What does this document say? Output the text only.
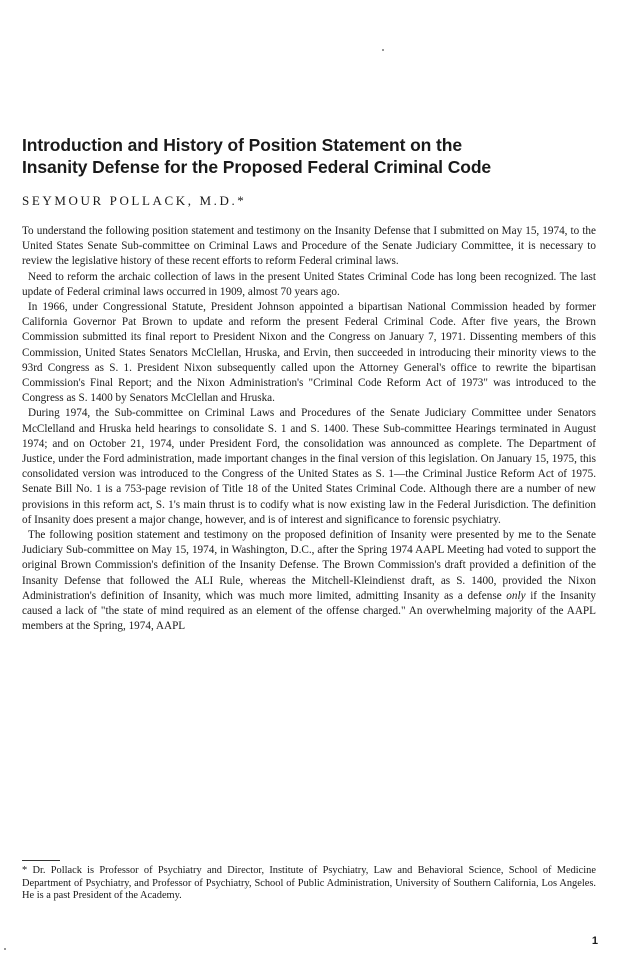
Introduction and History of Position Statement on the
Insanity Defense for the Proposed Federal Criminal Code
SEYMOUR POLLACK, M.D.*

To understand the following position statement and testimony on the Insanity Defense that I submitted on May 15, 1974, to the United States Senate Sub-committee on Criminal Laws and Procedure of the Senate Judiciary Committee, it is necessary to review the legislative history of these recent efforts to reform Federal criminal laws.

Need to reform the archaic collection of laws in the present United States Criminal Code has long been recognized. The last update of Federal criminal laws occurred in 1909, almost 70 years ago.

In 1966, under Congressional Statute, President Johnson appointed a bipartisan National Commission headed by former California Governor Pat Brown to update and reform the present Federal Criminal Code. After five years, the Brown Commission submitted its final report to President Nixon and the Congress on January 7, 1971. Dissenting members of this Commission, United States Senators McClellan, Hruska, and Ervin, then succeeded in introducing their minority views to the 93rd Congress as S. 1. President Nixon subsequently called upon the Attorney General's office to rewrite the bipartisan Commission's Final Report; and the Nixon Administration's "Criminal Code Reform Act of 1973" was introduced to the Congress as S. 1400 by Senators McClellan and Hruska.

During 1974, the Sub-committee on Criminal Laws and Procedures of the Senate Judiciary Committee under Senators McClelland and Hruska held hearings to consolidate S. 1 and S. 1400. These Sub-committee Hearings terminated in August 1974; and on October 21, 1974, under President Ford, the consolidation was announced as complete. The Department of Justice, under the Ford administration, made important changes in the final version of this legislation. On January 15, 1975, this consolidated version was introduced to the Congress of the United States as S. 1—the Criminal Justice Reform Act of 1975. Senate Bill No. 1 is a 753-page revision of Title 18 of the United States Criminal Code. Although there are a number of new provisions in this reform act, S. 1's main thrust is to codify what is now existing law in the Federal Jurisdiction. The definition of Insanity does present a major change, however, and is of interest and significance to forensic psychiatry.

The following position statement and testimony on the proposed definition of Insanity were presented by me to the Senate Judiciary Sub-committee on May 15, 1974, in Washington, D.C., after the Spring 1974 AAPL Meeting had voted to support the original Brown Commission's definition of the Insanity Defense. The Brown Commission's draft provided a definition of the Insanity Defense that followed the ALI Rule, whereas the Mitchell-Kleindienst draft, as S. 1400, provided the Nixon Administration's definition of Insanity, which was much more limited, admitting Insanity as a defense only if the Insanity caused a lack of "the state of mind required as an element of the offense charged." An overwhelming majority of the AAPL members at the Spring, 1974, AAPL

* Dr. Pollack is Professor of Psychiatry and Director, Institute of Psychiatry, Law and Behavioral Science, School of Medicine Department of Psychiatry, and Professor of Psychiatry, School of Public Administration, University of Southern California, Los Angeles. He is a past President of the Academy.
1
